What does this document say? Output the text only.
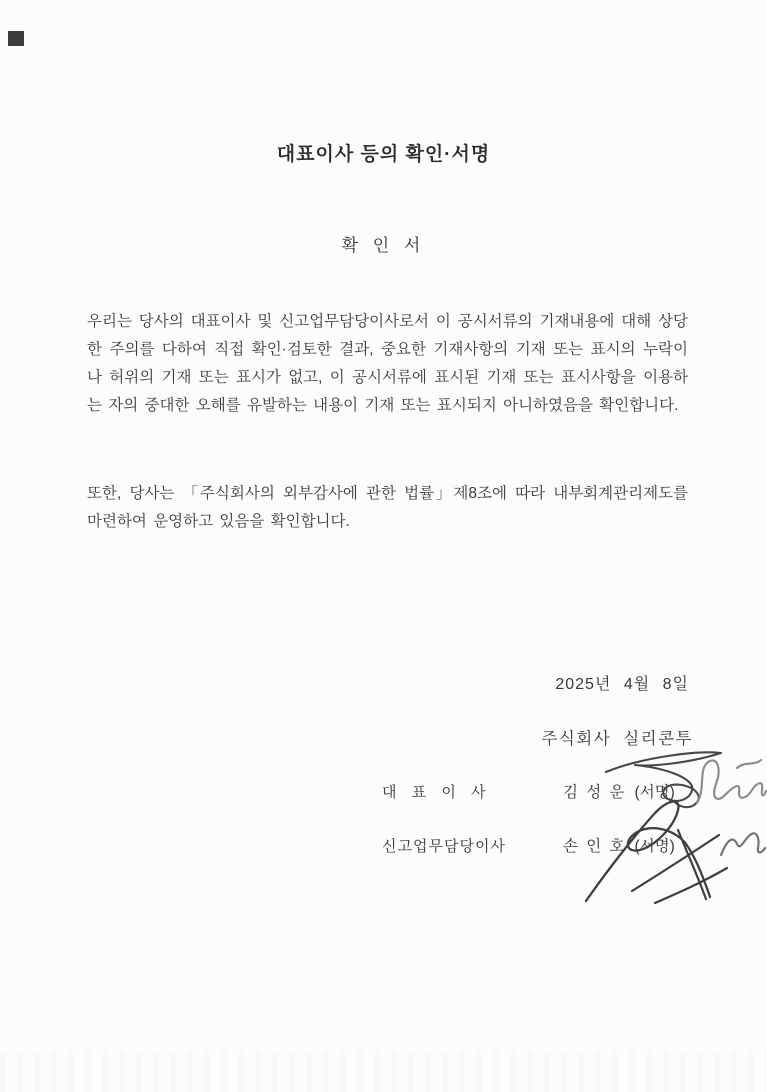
대표이사 등의 확인·서명
확 인 서
우리는 당사의 대표이사 및 신고업무담당이사로서 이 공시서류의 기재내용에 대해 상당한 주의를 다하여 직접 확인·검토한 결과, 중요한 기재사항의 기재 또는 표시의 누락이나 허위의 기재 또는 표시가 없고, 이 공시서류에 표시된 기재 또는 표시사항을 이용하는 자의 중대한 오해를 유발하는 내용이 기재 또는 표시되지 아니하였음을 확인합니다.
또한, 당사는 「주식회사의 외부감사에 관한 법률」제8조에 따라 내부회계관리제도를 마련하여 운영하고 있음을 확인합니다.
2025년 4월 8일
주식회사 실리콘투
대 표 이 사	김 성 운 (서명)
신고업무담당이사	손 인 호 (서명)
